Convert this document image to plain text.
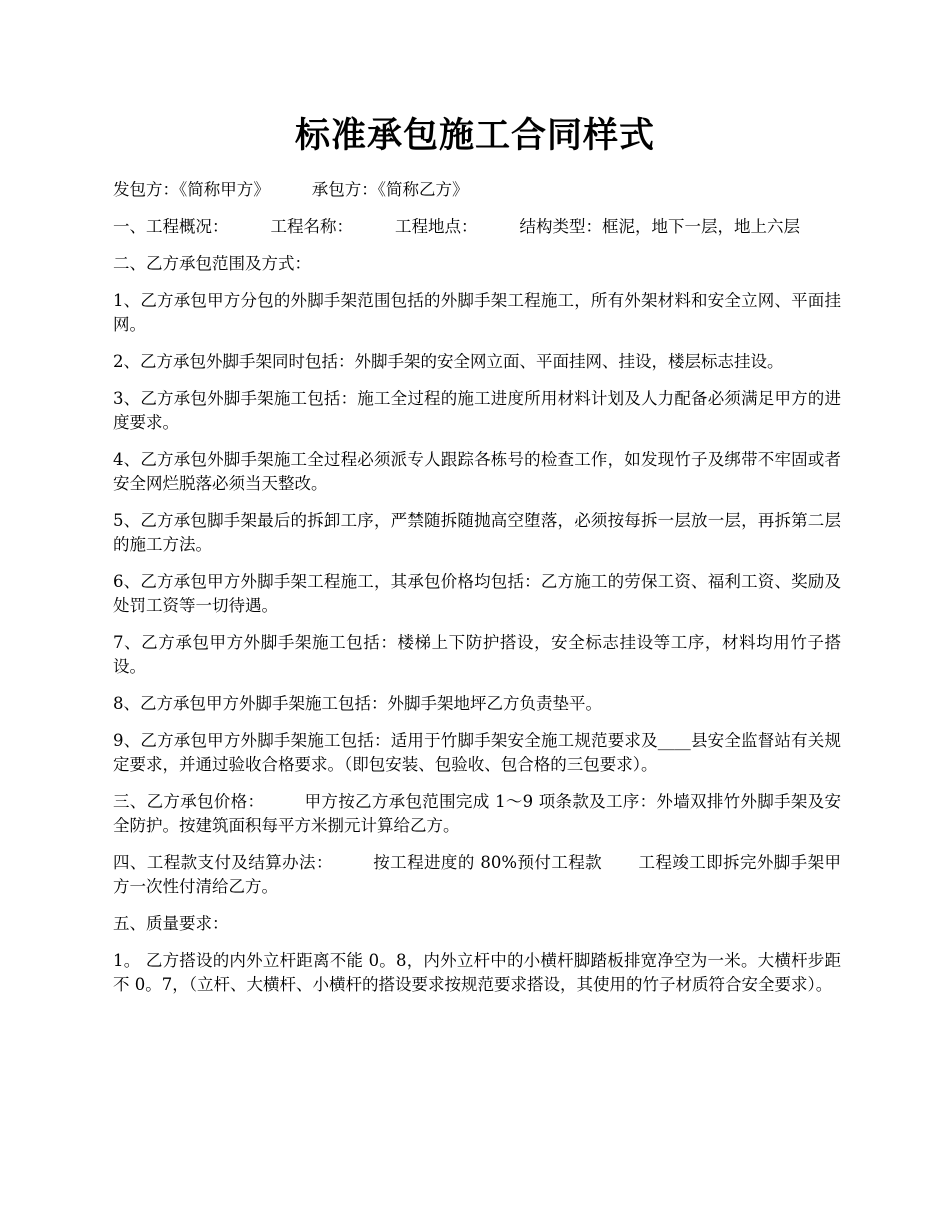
标准承包施工合同样式

发包方：《简称甲方》	承包方：《简称乙方》

一、工程概况：	工程名称：	工程地点：	结构类型：框泥，地下一层，地上六层

二、乙方承包范围及方式：

1、乙方承包甲方分包的外脚手架范围包括的外脚手架工程施工，所有外架材料和安全立网、平面挂网。

2、乙方承包外脚手架同时包括：外脚手架的安全网立面、平面挂网、挂设，楼层标志挂设。

3、乙方承包外脚手架施工包括：施工全过程的施工进度所用材料计划及人力配备必须满足甲方的进度要求。

4、乙方承包外脚手架施工全过程必须派专人跟踪各栋号的检查工作，如发现竹子及绑带不牢固或者安全网烂脱落必须当天整改。

5、乙方承包脚手架最后的拆卸工序，严禁随拆随抛高空堕落，必须按每拆一层放一层，再拆第二层的施工方法。

6、乙方承包甲方外脚手架工程施工，其承包价格均包括：乙方施工的劳保工资、福利工资、奖励及处罚工资等一切待遇。

7、乙方承包甲方外脚手架施工包括：楼梯上下防护搭设，安全标志挂设等工序，材料均用竹子搭设。

8、乙方承包甲方外脚手架施工包括：外脚手架地坪乙方负责垫平。

9、乙方承包甲方外脚手架施工包括：适用于竹脚手架安全施工规范要求及____县安全监督站有关规定要求，并通过验收合格要求。（即包安装、包验收、包合格的三包要求）。

三、乙方承包价格： 甲方按乙方承包范围完成 1～9 项条款及工序：外墙双排竹外脚手架及安全防护。按建筑面积每平方米捌元计算给乙方。

四、工程款支付及结算办法： 按工程进度的 80%预付工程款 工程竣工即拆完外脚手架甲方一次性付清给乙方。

五、质量要求：

1。 乙方搭设的内外立杆距离不能 0。8，内外立杆中的小横杆脚踏板排宽净空为一米。大横杆步距不 0。7，（立杆、大横杆、小横杆的搭设要求按规范要求搭设，其使用的竹子材质符合安全要求）。
